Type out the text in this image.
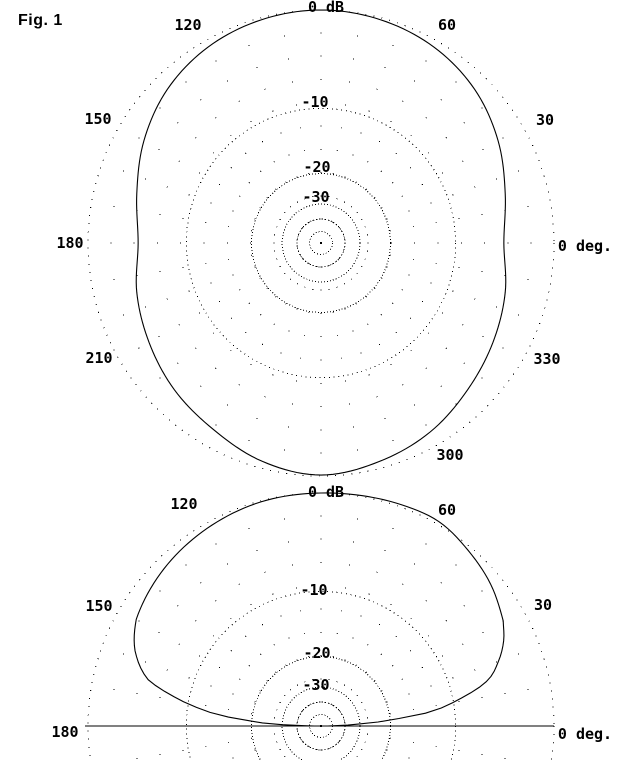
Fig. 1
0 dB
-10
-20
-30
120	60
150	30
180	0 deg.
210	330
300
0 dB
-10
-20
-30
120	60
150	30
180	0 deg.
